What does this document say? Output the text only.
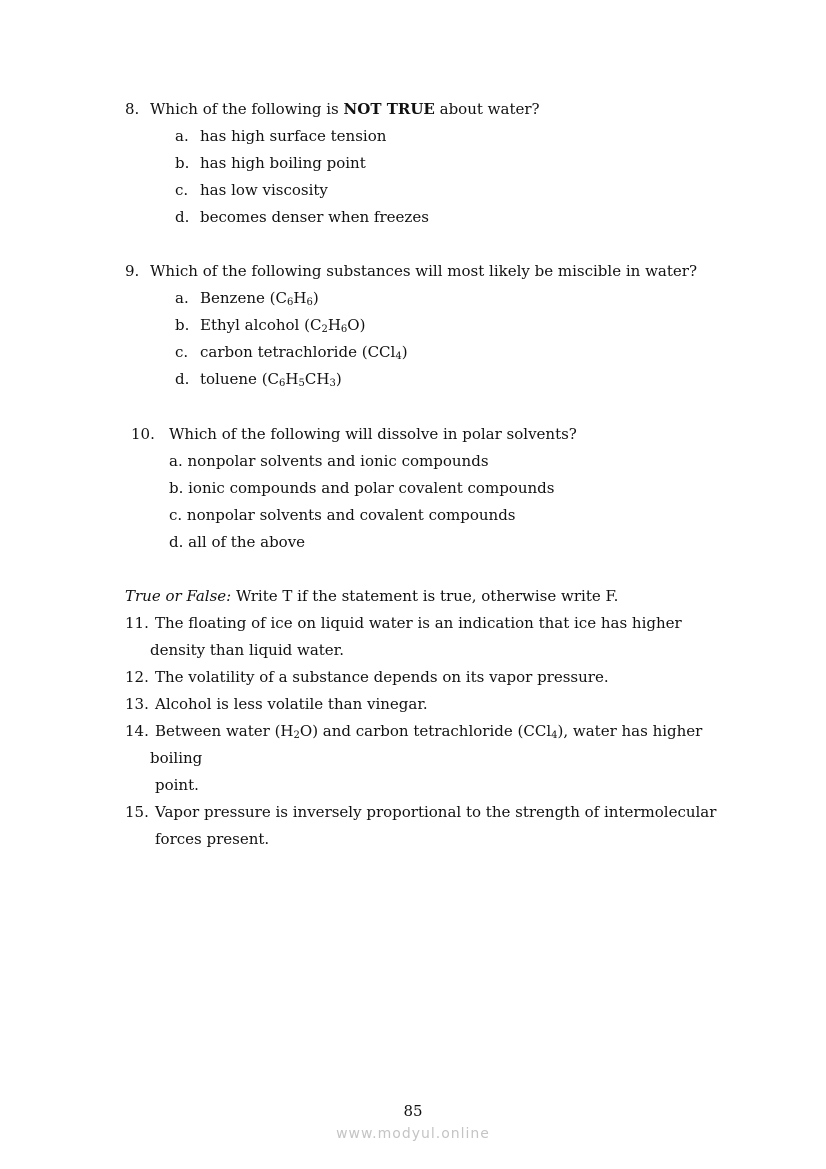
8. Which of the following is NOT TRUE about water?
a. has high surface tension
b. has high boiling point
c. has low viscosity
d. becomes denser when freezes
9. Which of the following substances will most likely be miscible in water?
a. Benzene $(C_6H_6)$
b. Ethyl alcohol $(C_2H_6O)$
c. carbon tetrachloride (CCl$_4$)
d. toluene $(C_6H_5CH_3)$
10. Which of the following will dissolve in polar solvents?
a. nonpolar solvents and ionic compounds
b. ionic compounds and polar covalent compounds
c. nonpolar solvents and covalent compounds
d. all of the above
True or False: Write T if the statement is true, otherwise write F.
11. The floating of ice on liquid water is an indication that ice has higher
density than liquid water.
12. The volatility of a substance depends on its vapor pressure.
13. Alcohol is less volatile than vinegar.
14. Between water $(H_2O)$ and carbon tetrachloride (CCl$_4$), water has higher
boiling
point.
15. Vapor pressure is inversely proportional to the strength of intermolecular
forces present.
85
www.modyul.online
